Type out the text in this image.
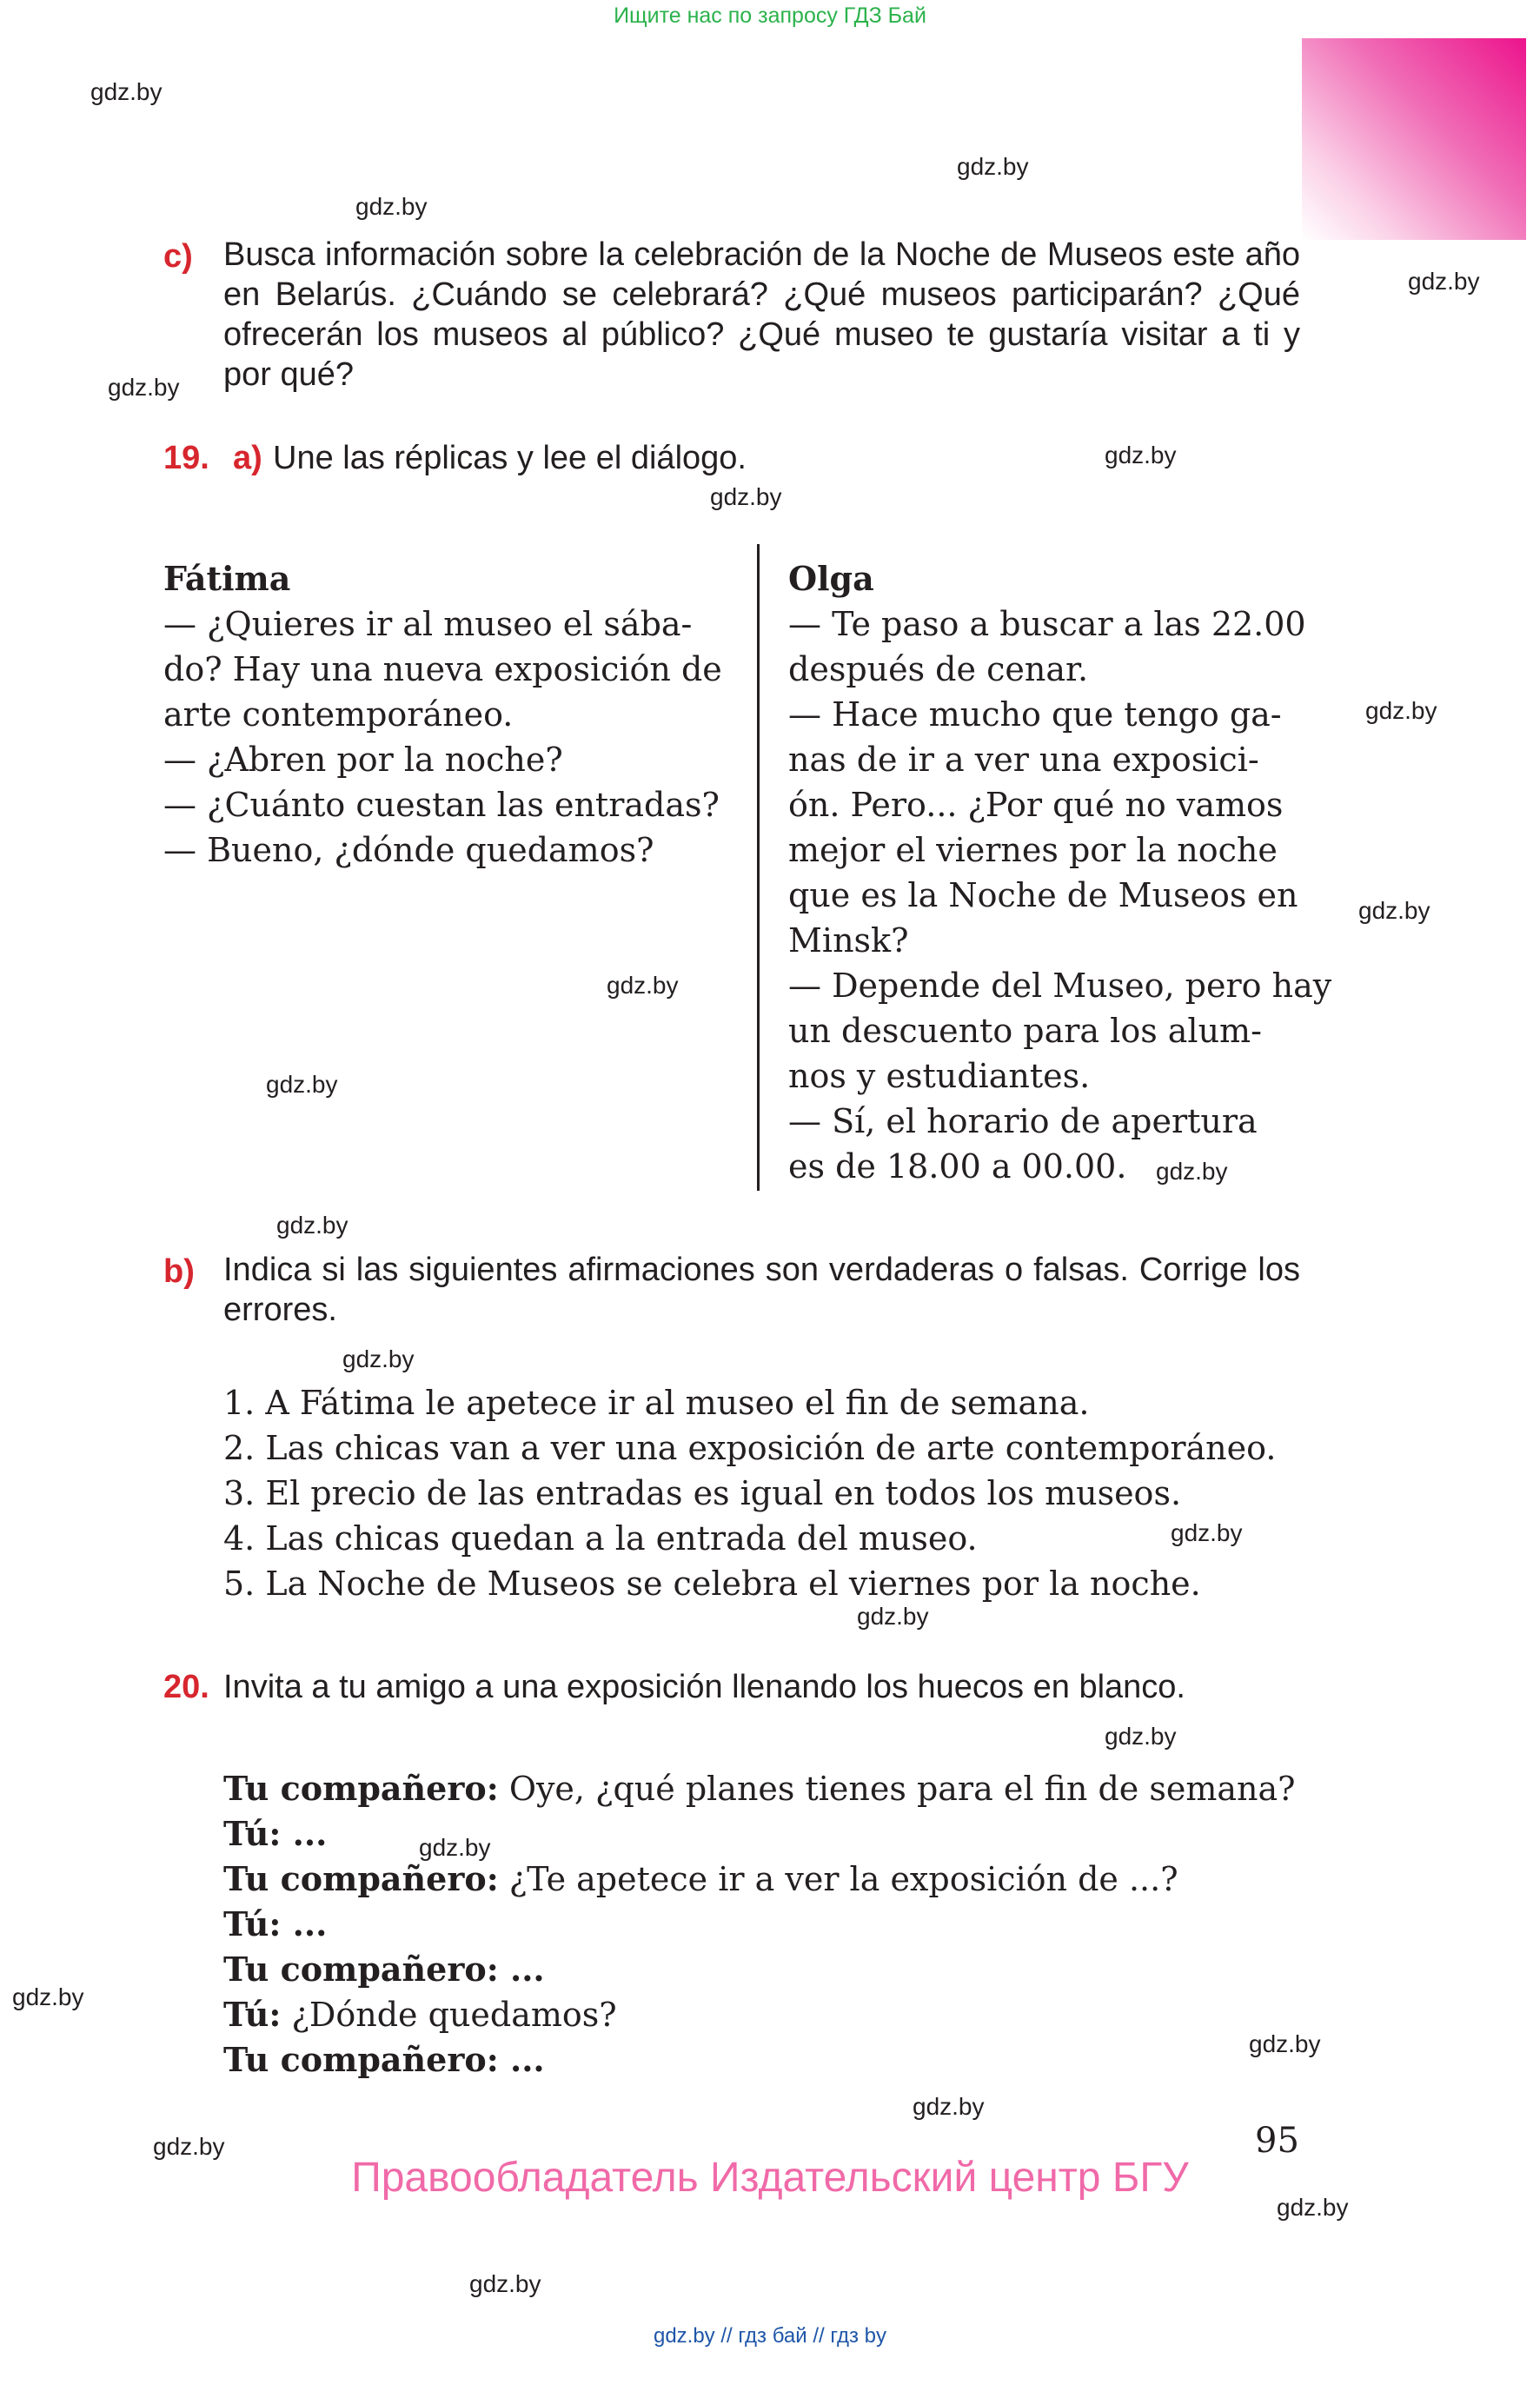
Ищите нас по запросу ГДЗ Бай
gdz.by
gdz.by
gdz.by
gdz.by
gdz.by
gdz.by
gdz.by
gdz.by
gdz.by
gdz.by
gdz.by
gdz.by
gdz.by
gdz.by
gdz.by
gdz.by
gdz.by
gdz.by
gdz.by
gdz.by
gdz.by
gdz.by
gdz.by
gdz.by
c) Busca información sobre la celebración de la Noche de Museos este año en Belarús. ¿Cuándo se celebrará? ¿Qué museos participarán? ¿Qué ofrecerán los museos al público? ¿Qué museo te gustaría visitar a ti y por qué?
19. a) Une las réplicas y lee el diálogo.
Fátima
— ¿Quieres ir al museo el sába-
do? Hay una nueva exposición de
arte contemporáneo.
— ¿Abren por la noche?
— ¿Cuánto cuestan las entradas?
— Bueno, ¿dónde quedamos?
Olga
— Te paso a buscar a las 22.00
después de cenar.
— Hace mucho que tengo ga-
nas de ir a ver una exposici-
ón. Pero... ¿Por qué no vamos
mejor el viernes por la noche
que es la Noche de Museos en
Minsk?
— Depende del Museo, pero hay
un descuento para los alum-
nos y estudiantes.
— Sí, el horario de apertura
es de 18.00 a 00.00.
b) Indica si las siguientes afirmaciones son verdaderas o falsas. Corrige los errores.
1. A Fátima le apetece ir al museo el fin de semana.
2. Las chicas van a ver una exposición de arte contemporáneo.
3. El precio de las entradas es igual en todos los museos.
4. Las chicas quedan a la entrada del museo.
5. La Noche de Museos se celebra el viernes por la noche.
20. Invita a tu amigo a una exposición llenando los huecos en blanco.
Tu compañero: Oye, ¿qué planes tienes para el fin de semana?
Tú: ...
Tu compañero: ¿Te apetece ir a ver la exposición de ...?
Tú: ...
Tu compañero: ...
Tú: ¿Dónde quedamos?
Tu compañero: ...
95
Правообладатель Издательский центр БГУ
gdz.by // гдз бай // гдз by
